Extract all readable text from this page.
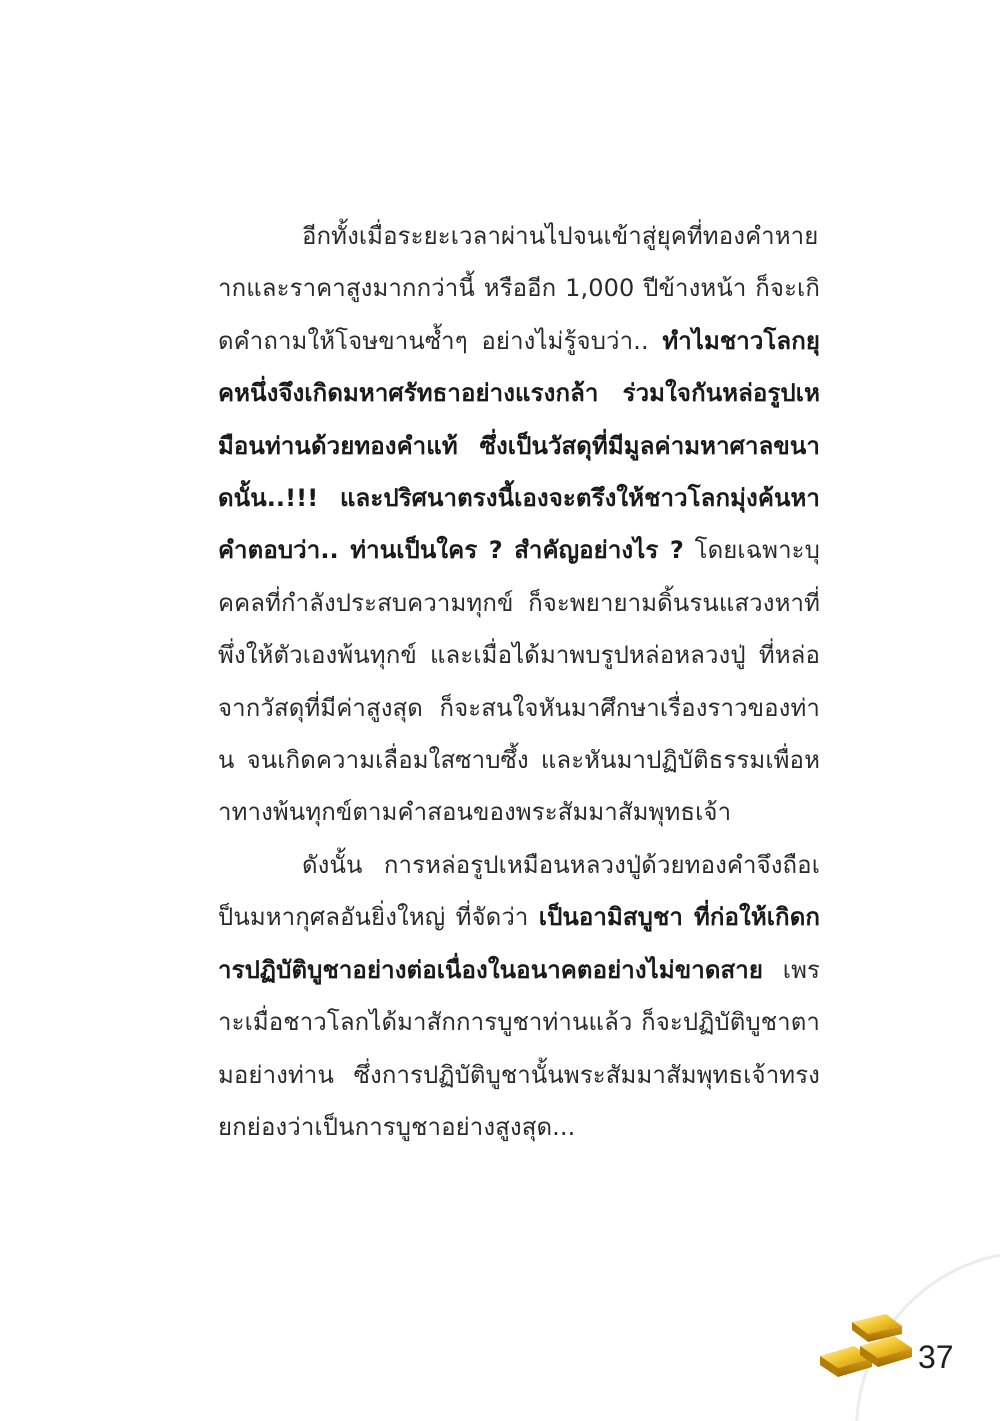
อีกทั้งเมื่อระยะเวลาผ่านไปจนเข้าสู่ยุคที่ทองคำหายากและราคาสูงมากกว่านี้ หรืออีก 1,000 ปีข้างหน้า ก็จะเกิดคำถามให้โจษขานซ้ำๆ อย่างไม่รู้จบว่า.. ทำไมชาวโลกยุคหนึ่งจึงเกิดมหาศรัทธาอย่างแรงกล้า ร่วมใจกันหล่อรูปเหมือนท่านด้วยทองคำแท้ ซึ่งเป็นวัสดุที่มีมูลค่ามหาศาลขนาดนั้น..!!! และปริศนาตรงนี้เองจะตรึงให้ชาวโลกมุ่งค้นหาคำตอบว่า.. ท่านเป็นใคร ? สำคัญอย่างไร ? โดยเฉพาะบุคคลที่กำลังประสบความทุกข์ ก็จะพยายามดิ้นรนแสวงหาที่พึ่งให้ตัวเองพ้นทุกข์ และเมื่อได้มาพบรูปหล่อหลวงปู่ ที่หล่อจากวัสดุที่มีค่าสูงสุด ก็จะสนใจหันมาศึกษาเรื่องราวของท่าน จนเกิดความเลื่อมใสซาบซึ้ง และหันมาปฏิบัติธรรมเพื่อหาทางพ้นทุกข์ตามคำสอนของพระสัมมาสัมพุทธเจ้า

ดังนั้น การหล่อรูปเหมือนหลวงปู่ด้วยทองคำจึงถือเป็นมหากุศลอันยิ่งใหญ่ ที่จัดว่า เป็นอามิสบูชา ที่ก่อให้เกิดการปฏิบัติบูชาอย่างต่อเนื่องในอนาคตอย่างไม่ขาดสาย เพราะเมื่อชาวโลกได้มาสักการบูชาท่านแล้ว ก็จะปฏิบัติบูชาตามอย่างท่าน ซึ่งการปฏิบัติบูชานั้นพระสัมมาสัมพุทธเจ้าทรงยกย่องว่าเป็นการบูชาอย่างสูงสุด...

37
